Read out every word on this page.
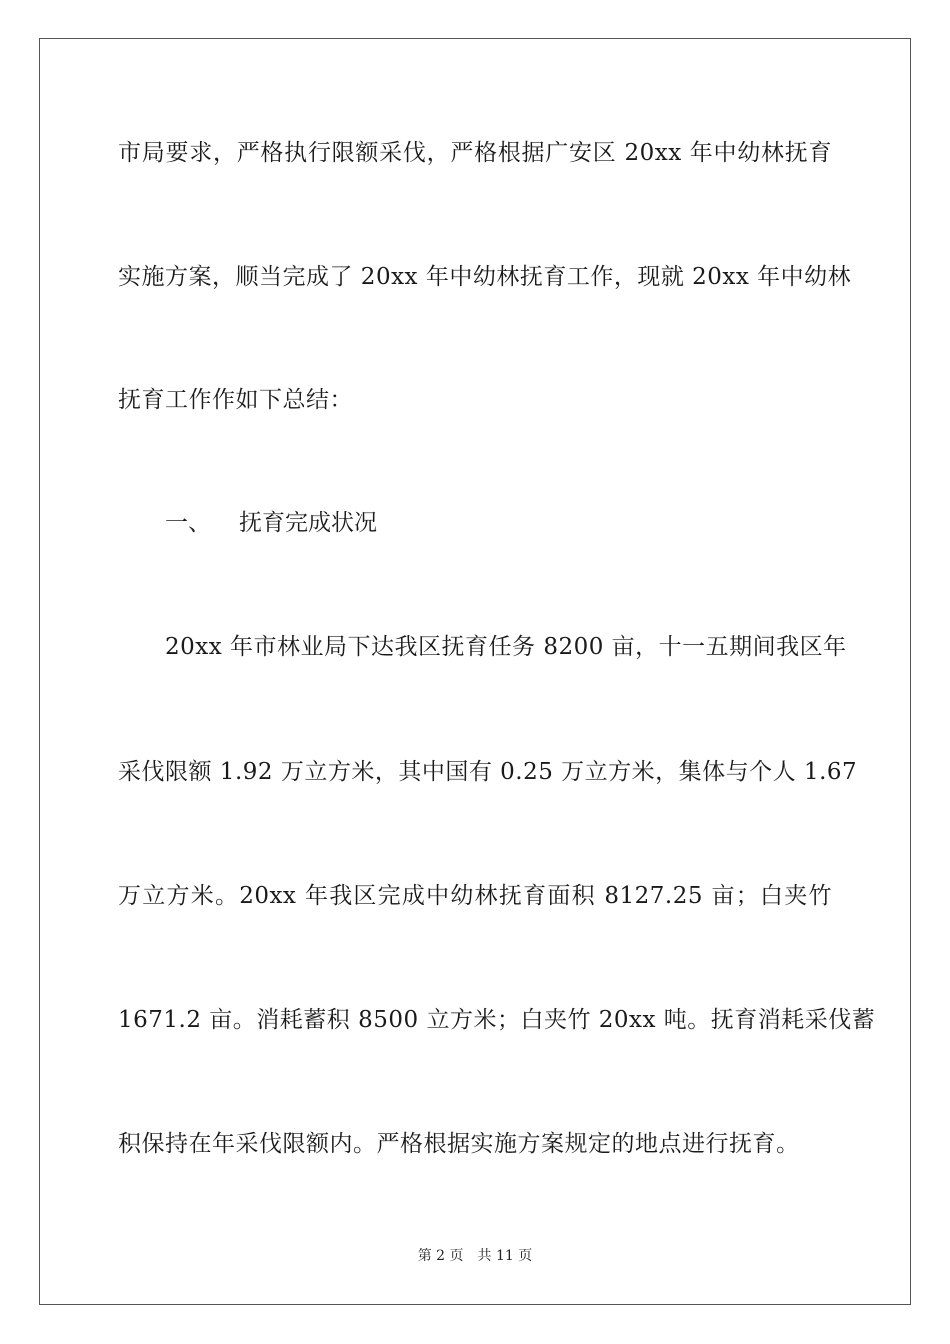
市局要求，严格执行限额采伐，严格根据广安区 20xx 年中幼林抚育
实施方案，顺当完成了 20xx 年中幼林抚育工作，现就 20xx 年中幼林
抚育工作作如下总结：
一、 抚育完成状况
20xx 年市林业局下达我区抚育任务 8200 亩，十一五期间我区年
采伐限额 1.92 万立方米，其中国有 0.25 万立方米，集体与个人 1.67
万立方米。20xx 年我区完成中幼林抚育面积 8127.25 亩；白夹竹
1671.2 亩。消耗蓄积 8500 立方米；白夹竹 20xx 吨。抚育消耗采伐蓄
积保持在年采伐限额内。严格根据实施方案规定的地点进行抚育。
第 2 页 共 11 页
